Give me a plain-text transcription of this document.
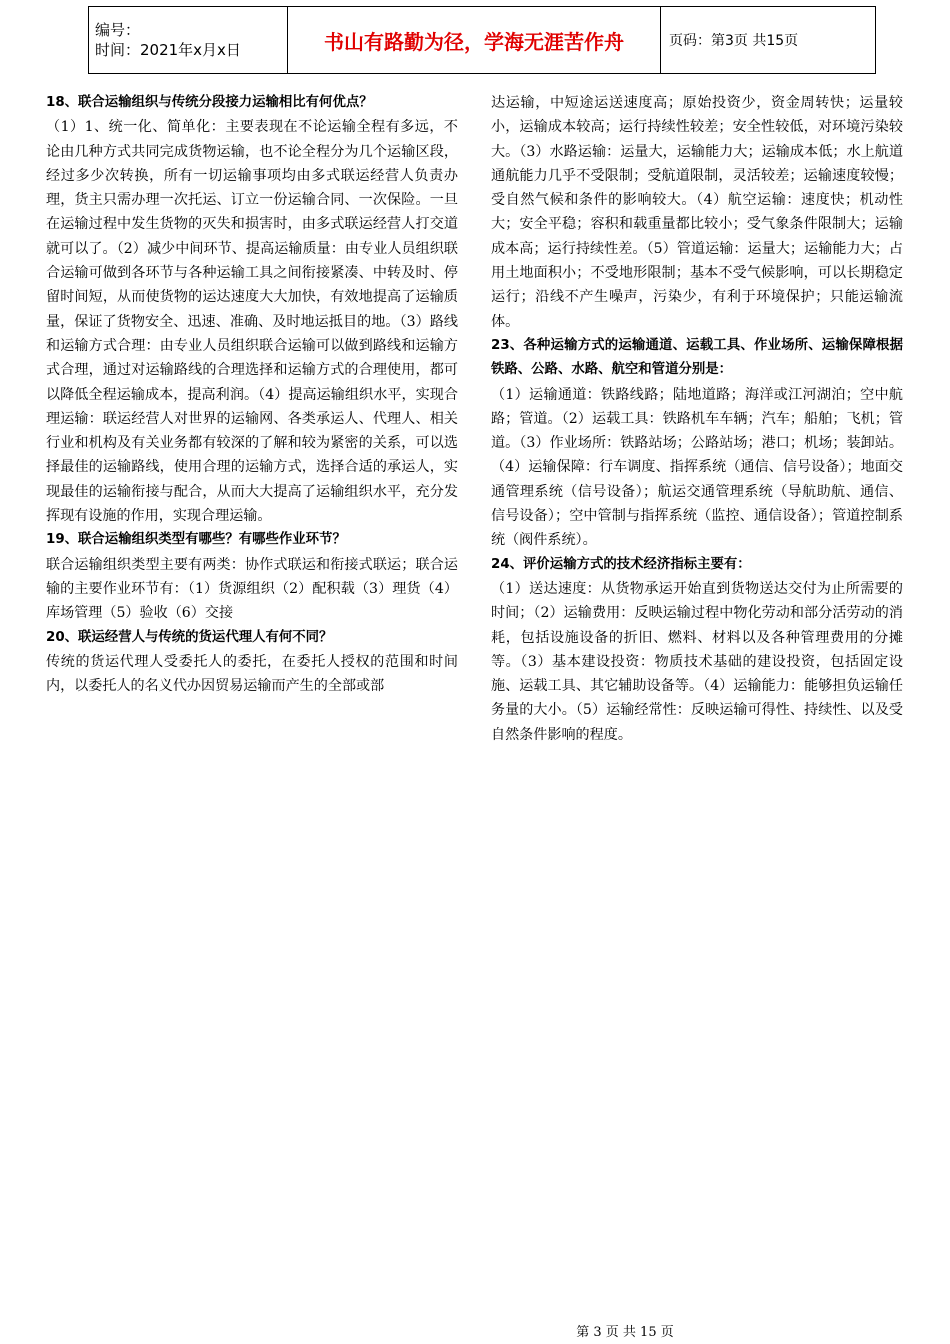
编号：
时间：2021年x月x日	书山有路勤为径，学海无涯苦作舟	页码：第3页 共15页
18、联合运输组织与传统分段接力运输相比有何优点？

（1）1、统一化、简单化：主要表现在不论运输全程有多远，不论由几种方式共同完成货物运输，也不论全程分为几个运输区段，经过多少次转换，所有一切运输事项均由多式联运经营人负责办理，货主只需办理一次托运、订立一份运输合同、一次保险。一旦在运输过程中发生货物的灭失和损害时，由多式联运经营人打交道就可以了。（2）减少中间环节、提高运输质量：由专业人员组织联合运输可做到各环节与各种运输工具之间衔接紧凑、中转及时、停留时间短，从而使货物的运达速度大大加快，有效地提高了运输质量，保证了货物安全、迅速、准确、及时地运抵目的地。（3）路线和运输方式合理：由专业人员组织联合运输可以做到路线和运输方式合理，通过对运输路线的合理选择和运输方式的合理使用，都可以降低全程运输成本，提高利润。（4）提高运输组织水平，实现合理运输：联运经营人对世界的运输网、各类承运人、代理人、相关行业和机构及有关业务都有较深的了解和较为紧密的关系，可以选择最佳的运输路线，使用合理的运输方式，选择合适的承运人，实现最佳的运输衔接与配合，从而大大提高了运输组织水平，充分发挥现有设施的作用，实现合理运输。

19、联合运输组织类型有哪些？有哪些作业环节？

联合运输组织类型主要有两类：协作式联运和衔接式联运；联合运输的主要作业环节有：（1）货源组织（2）配积载（3）理货（4）库场管理（5）验收（6）交接

20、联运经营人与传统的货运代理人有何不同？

传统的货运代理人受委托人的委托，在委托人授权的范围和时间内，以委托人的名义代办因贸易运输而产生的全部或部

达运输，中短途运送速度高；原始投资少，资金周转快；运量较小，运输成本较高；运行持续性较差；安全性较低，对环境污染较大。（3）水路运输：运量大，运输能力大；运输成本低；水上航道通航能力几乎不受限制；受航道限制，灵活较差；运输速度较慢；受自然气候和条件的影响较大。（4）航空运输：速度快；机动性大；安全平稳；容积和载重量都比较小；受气象条件限制大；运输成本高；运行持续性差。（5）管道运输：运量大；运输能力大；占用土地面积小；不受地形限制；基本不受气候影响，可以长期稳定运行；沿线不产生噪声，污染少，有利于环境保护；只能运输流体。

23、各种运输方式的运输通道、运载工具、作业场所、运输保障根据铁路、公路、水路、航空和管道分别是：

（1）运输通道：铁路线路；陆地道路；海洋或江河湖泊；空中航路；管道。（2）运载工具：铁路机车车辆；汽车；船舶；飞机；管道。（3）作业场所：铁路站场；公路站场；港口；机场；装卸站。（4）运输保障：行车调度、指挥系统（通信、信号设备）；地面交通管理系统（信号设备）；航运交通管理系统（导航助航、通信、信号设备）；空中管制与指挥系统（监控、通信设备）；管道控制系统（阀件系统）。

24、评价运输方式的技术经济指标主要有：

（1）送达速度：从货物承运开始直到货物送达交付为止所需要的时间；（2）运输费用：反映运输过程中物化劳动和部分活劳动的消耗，包括设施设备的折旧、燃料、材料以及各种管理费用的分摊等。（3）基本建设投资：物质技术基础的建设投资，包括固定设施、运载工具、其它辅助设备等。（4）运输能力：能够担负运输任务量的大小。（5）运输经常性：反映运输可得性、持续性、以及受自然条件影响的程度。

第 3 页 共 15 页
